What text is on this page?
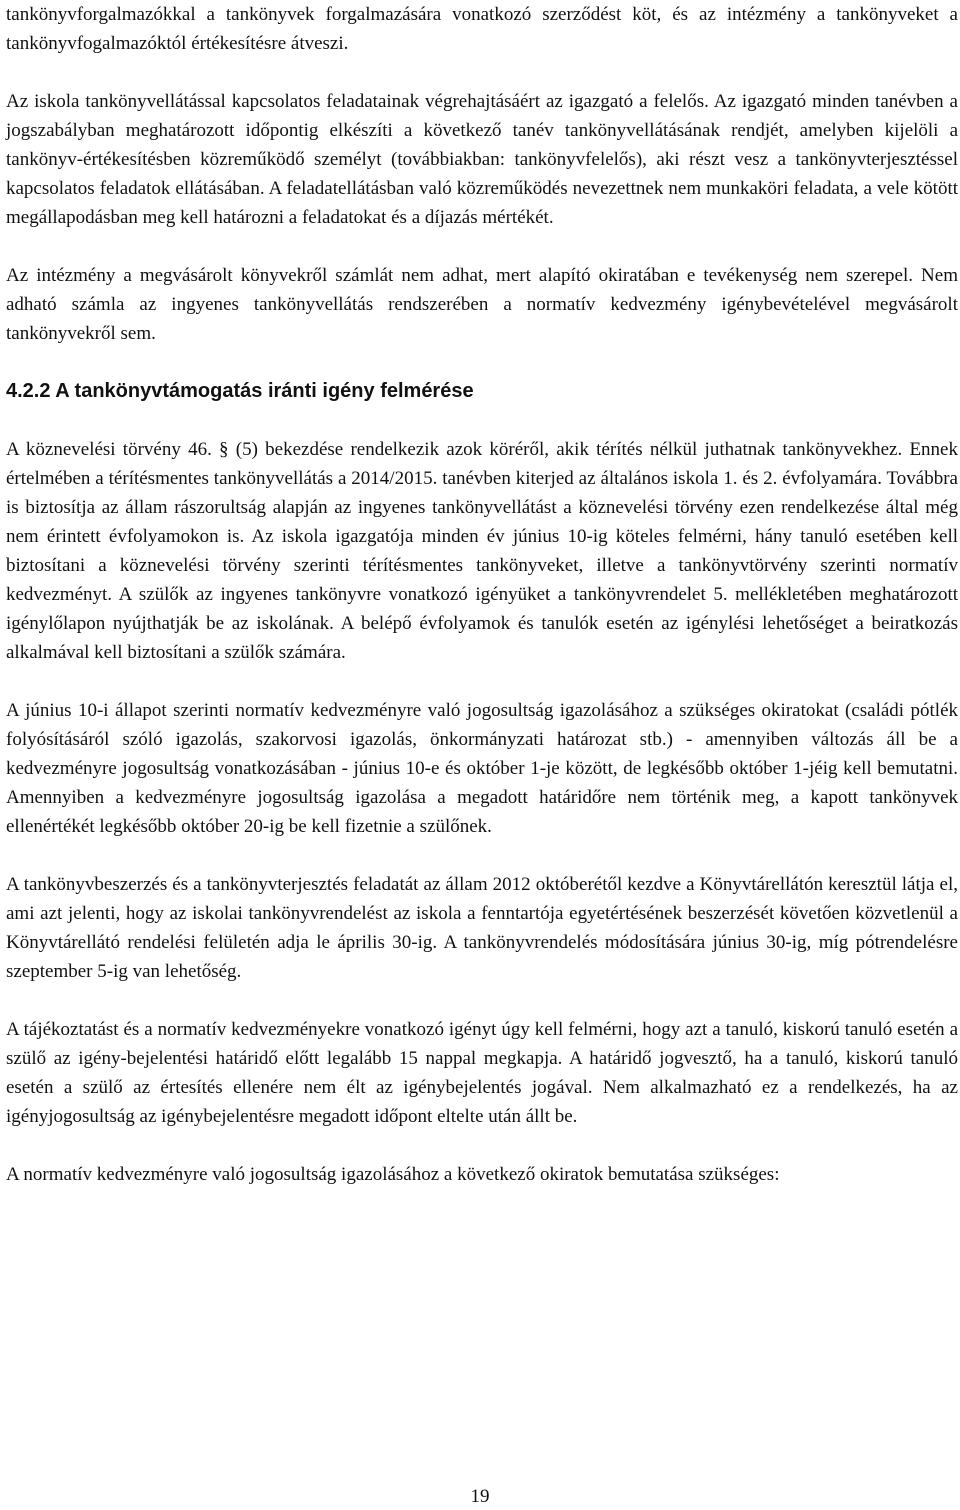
tankönyvforgalmazókkal a tankönyvek forgalmazására vonatkozó szerződést köt, és az intézmény a tankönyveket a tankönyvfogalmazóktól értékesítésre átveszi.

Az iskola tankönyvellátással kapcsolatos feladatainak végrehajtásáért az igazgató a felelős. Az igazgató minden tanévben a jogszabályban meghatározott időpontig elkészíti a következő tanév tankönyvellátásának rendjét, amelyben kijelöli a tankönyv-értékesítésben közreműködő személyt (továbbiakban: tankönyvfelelős), aki részt vesz a tankönyvterjesztéssel kapcsolatos feladatok ellátásában. A feladatellátásban való közreműködés nevezettnek nem munkaköri feladata, a vele kötött megállapodásban meg kell határozni a feladatokat és a díjazás mértékét.

Az intézmény a megvásárolt könyvekről számlát nem adhat, mert alapító okiratában e tevékenység nem szerepel. Nem adható számla az ingyenes tankönyvellátás rendszerében a normatív kedvezmény igénybevételével megvásárolt tankönyvekről sem.

4.2.2 A tankönyvtámogatás iránti igény felmérése

A köznevelési törvény 46. § (5) bekezdése rendelkezik azok köréről, akik térítés nélkül juthatnak tankönyvekhez. Ennek értelmében a térítésmentes tankönyvellátás a 2014/2015. tanévben kiterjed az általános iskola 1. és 2. évfolyamára. Továbbra is biztosítja az állam rászorultság alapján az ingyenes tankönyvellátást a köznevelési törvény ezen rendelkezése által még nem érintett évfolyamokon is. Az iskola igazgatója minden év június 10-ig köteles felmérni, hány tanuló esetében kell biztosítani a köznevelési törvény szerinti térítésmentes tankönyveket, illetve a tankönyvtörvény szerinti normatív kedvezményt. A szülők az ingyenes tankönyvre vonatkozó igényüket a tankönyvrendelet 5. mellékletében meghatározott igénylőlapon nyújthatják be az iskolának. A belépő évfolyamok és tanulók esetén az igénylési lehetőséget a beiratkozás alkalmával kell biztosítani a szülők számára.

A június 10-i állapot szerinti normatív kedvezményre való jogosultság igazolásához a szükséges okiratokat (családi pótlék folyósításáról szóló igazolás, szakorvosi igazolás, önkormányzati határozat stb.) - amennyiben változás áll be a kedvezményre jogosultság vonatkozásában - június 10-e és október 1-je között, de legkésőbb október 1-jéig kell bemutatni. Amennyiben a kedvezményre jogosultság igazolása a megadott határidőre nem történik meg, a kapott tankönyvek ellenértékét legkésőbb október 20-ig be kell fizetnie a szülőnek.

A tankönyvbeszerzés és a tankönyvterjesztés feladatát az állam 2012 októberétől kezdve a Könyvtárellátón keresztül látja el, ami azt jelenti, hogy az iskolai tankönyvrendelést az iskola a fenntartója egyetértésének beszerzését követően közvetlenül a Könyvtárellátó rendelési felületén adja le április 30-ig. A tankönyvrendelés módosítására június 30-ig, míg pótrendelésre szeptember 5-ig van lehetőség.

A tájékoztatást és a normatív kedvezményekre vonatkozó igényt úgy kell felmérni, hogy azt a tanuló, kiskorú tanuló esetén a szülő az igény-bejelentési határidő előtt legalább 15 nappal megkapja. A határidő jogvesztő, ha a tanuló, kiskorú tanuló esetén a szülő az értesítés ellenére nem élt az igénybejelentés jogával. Nem alkalmazható ez a rendelkezés, ha az igényjogosultság az igénybejelentésre megadott időpont eltelte után állt be.

A normatív kedvezményre való jogosultság igazolásához a következő okiratok bemutatása szükséges:

19
